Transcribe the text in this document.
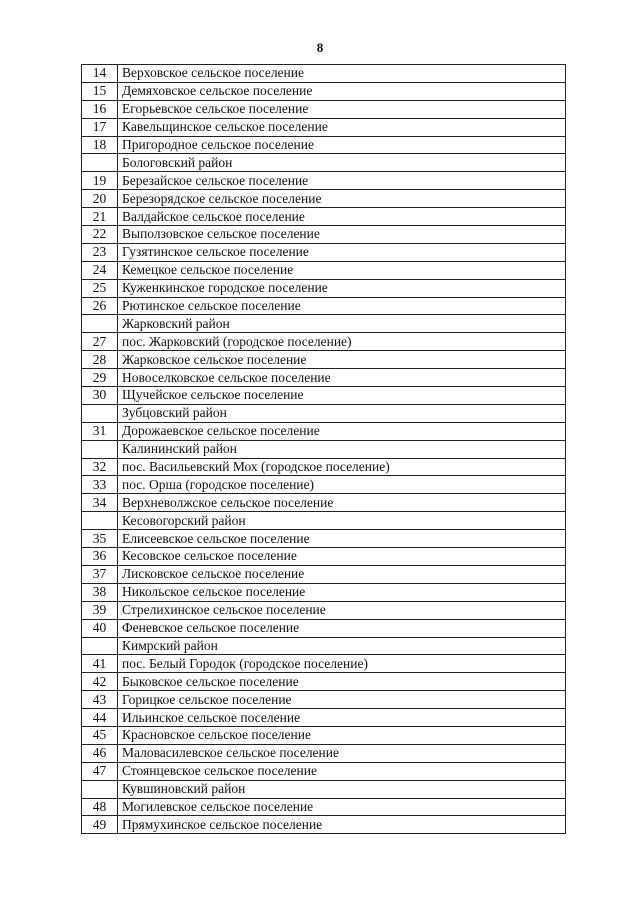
8
14	Верховское сельское поселение
15	Демяховское сельское поселение
16	Егорьевское сельское поселение
17	Кавельщинское сельское поселение
18	Пригородное сельское поселение
	Бологовский район
19	Березайское сельское поселение
20	Березорядское сельское поселение
21	Валдайское сельское поселение
22	Выползовское сельское поселение
23	Гузятинское сельское поселение
24	Кемецкое сельское поселение
25	Куженкинское городское поселение
26	Рютинское сельское поселение
	Жарковский район
27	пос. Жарковский (городское поселение)
28	Жарковское сельское поселение
29	Новоселковское сельское поселение
30	Щучейское сельское поселение
	Зубцовский район
31	Дорожаевское сельское поселение
	Калининский район
32	пос. Васильевский Мох (городское поселение)
33	пос. Орша (городское поселение)
34	Верхневолжское сельское поселение
	Кесовогорский район
35	Елисеевское сельское поселение
36	Кесовское сельское поселение
37	Лисковское сельское поселение
38	Никольское сельское поселение
39	Стрелихинское сельское поселение
40	Феневское сельское поселение
	Кимрский район
41	пос. Белый Городок (городское поселение)
42	Быковское сельское поселение
43	Горицкое сельское поселение
44	Ильинское сельское поселение
45	Красновское сельское поселение
46	Маловасилевское сельское поселение
47	Стоянцевское сельское поселение
	Кувшиновский район
48	Могилевское сельское поселение
49	Прямухинское сельское поселение
